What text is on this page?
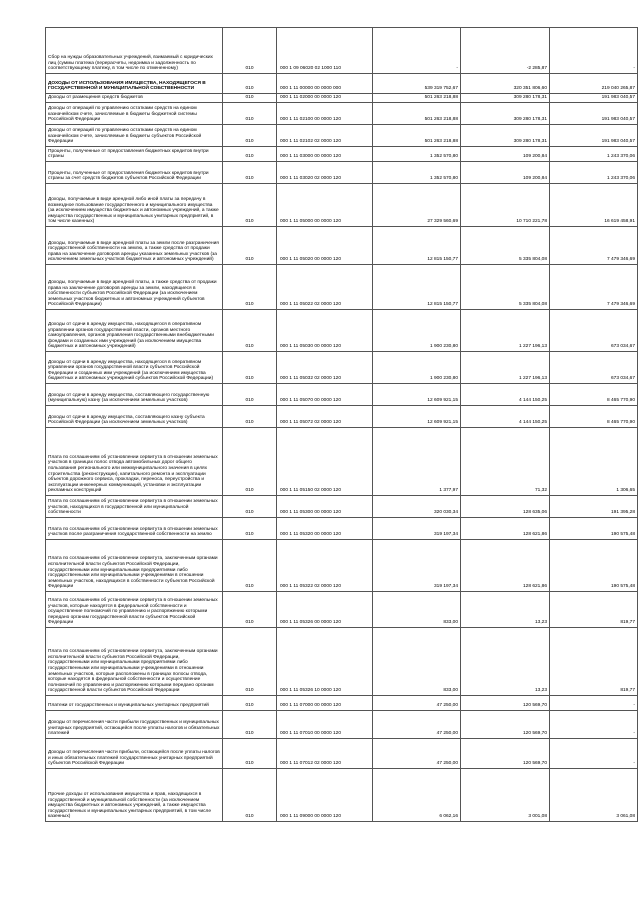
Сбор на нужды образовательных учреждений, взимаемый с юридических лиц (суммы платежа (перерасчеты, недоимка и задолженность по соответствующему платежу, в том числе по отмененному)	010	000 1 09 06020 02 1000 110	-	-2 285,87	-
ДОХОДЫ ОТ ИСПОЛЬЗОВАНИЯ ИМУЩЕСТВА, НАХОДЯЩЕГОСЯ В ГОСУДАРСТВЕННОЙ И МУНИЦИПАЛЬНОЙ СОБСТВЕННОСТИ	010	000 1 11 00000 00 0000 000	539 319 752,67	320 351 806,60	219 040 265,87
Доходы от размещения средств бюджетов	010	000 1 11 02000 00 0000 120	501 263 218,88	309 280 178,31	191 983 040,57
Доходы от операций по управлению остатками средств на едином казначейском счете, зачисляемые в бюджеты бюджетной системы Российской Федерации	010	000 1 11 02100 00 0000 120	501 263 218,88	309 280 178,31	191 983 040,57
Доходы от операций по управлению остатками средств на едином казначейском счете, зачисляемые в бюджеты субъектов Российской Федерации	010	000 1 11 02102 02 0000 120	501 263 218,88	309 280 178,31	191 983 040,57
Проценты, полученные от предоставления бюджетных кредитов внутри страны	010	000 1 11 03000 00 0000 120	1 352 570,80	109 200,84	1 243 370,06
Проценты, полученные от предоставления бюджетных кредитов внутри страны за счет средств бюджетов субъектов Российской Федерации	010	000 1 11 03020 02 0000 120	1 352 570,80	109 200,84	1 243 370,06
Доходы, получаемые в виде арендной либо иной платы за передачу в возмездное пользование государственного и муниципального имущества (за исключением имущества бюджетных и автономных учреждений, а также имущества государственных и муниципальных унитарных предприятий, в том числе казенных)	010	000 1 11 05000 00 0000 120	27 329 560,69	10 710 221,78	16 619 458,91
Доходы, получаемые в виде арендной платы за земли после разграничения государственной собственности на землю, а также средства от продажи права на заключение договоров аренды указанных земельных участков (за исключением земельных участков бюджетных и автономных учреждений)	010	000 1 11 05020 00 0000 120	12 815 150,77	5 335 804,08	7 479 346,69
Доходы, получаемые в виде арендной платы, а также средства от продажи права на заключение договоров аренды за земли, находящиеся в собственности субъектов Российской Федерации (за исключением земельных участков бюджетных и автономных учреждений субъектов Российской Федерации)	010	000 1 11 05022 02 0000 120	12 815 150,77	5 335 804,08	7 479 346,69
Доходы от сдачи в аренду имущества, находящегося в оперативном управлении органов государственной власти, органов местного самоуправления, органов управления государственными внебюджетными фондами и созданных ими учреждений (за исключением имущества бюджетных и автономных учреждений)	010	000 1 11 05030 00 0000 120	1 900 230,80	1 227 196,13	673 034,67
Доходы от сдачи в аренду имущества, находящегося в оперативном управлении органов государственной власти субъектов Российской Федерации и созданных ими учреждений (за исключением имущества бюджетных и автономных учреждений субъектов Российской Федерации)	010	000 1 11 05032 02 0000 120	1 900 230,80	1 227 196,13	673 034,67
Доходы от сдачи в аренду имущества, составляющего государственную (муниципальную) казну (за исключением земельных участков)	010	000 1 11 05070 00 0000 120	12 609 921,15	4 144 150,25	8 465 770,90
Доходы от сдачи в аренду имущества, составляющего казну субъекта Российской Федерации (за исключением земельных участков)	010	000 1 11 05072 02 0000 120	12 609 921,15	4 144 150,25	8 465 770,90
Плата по соглашениям об установлении сервитута в отношении земельных участков в границах полос отвода автомобильных дорог общего пользования регионального или межмуниципального значения в целях строительства (реконструкции), капитального ремонта и эксплуатации объектов дорожного сервиса, прокладки, переноса, переустройства и эксплуатации инженерных коммуникаций, установки и эксплуатации рекламных конструкций	010	000 1 11 05150 02 0000 120	1 377,97	71,32	1 306,65
Плата по соглашениям об установлении сервитута в отношении земельных участков, находящихся в государственной или муниципальной собственности	010	000 1 11 05300 00 0000 120	320 030,34	128 635,06	191 395,28
Плата по соглашениям об установлении сервитута в отношении земельных участков после разграничения государственной собственности на землю	010	000 1 11 05320 00 0000 120	319 197,34	128 621,86	190 575,48
Плата по соглашениям об установлении сервитута, заключенным органами исполнительной власти субъектов Российской Федерации, государственными или муниципальными предприятиями либо государственными или муниципальными учреждениями в отношении земельных участков, находящихся в собственности субъектов Российской Федерации	010	000 1 11 05322 02 0000 120	319 197,34	128 621,86	190 575,48
Плата по соглашениям об установлении сервитута в отношении земельных участков, которые находятся в федеральной собственности и осуществление полномочий по управлению и распоряжению которыми передано органам государственной власти субъектов Российской Федерации	010	000 1 11 05326 00 0000 120	833,00	13,23	819,77
Плата по соглашениям об установлении сервитута, заключенным органами исполнительной власти субъектов Российской Федерации, государственными или муниципальными предприятиями либо государственными или муниципальными учреждениями в отношении земельных участков, которые расположены в границах полосы отвода, которые находятся в федеральной собственности и осуществление полномочий по управлению и распоряжению которыми передано органам государственной власти субъектов Российской Федерации	010	000 1 11 05326 10 0000 120	833,00	13,23	819,77
Платежи от государственных и муниципальных унитарных предприятий	010	000 1 11 07000 00 0000 120	47 250,00	120 569,70	-
Доходы от перечисления части прибыли государственных и муниципальных унитарных предприятий, остающейся после уплаты налогов и обязательных платежей	010	000 1 11 07010 00 0000 120	47 250,00	120 569,70	-
Доходы от перечисления части прибыли, остающейся после уплаты налогов и иных обязательных платежей государственных унитарных предприятий субъектов Российской Федерации	010	000 1 11 07012 02 0000 120	47 250,00	120 569,70	-
Прочие доходы от использования имущества и прав, находящихся в государственной и муниципальной собственности (за исключением имущества бюджетных и автономных учреждений, а также имущества государственных и муниципальных унитарных предприятий, в том числе казенных)	010	000 1 11 09000 00 0000 120	6 062,16	3 001,08	3 061,08
